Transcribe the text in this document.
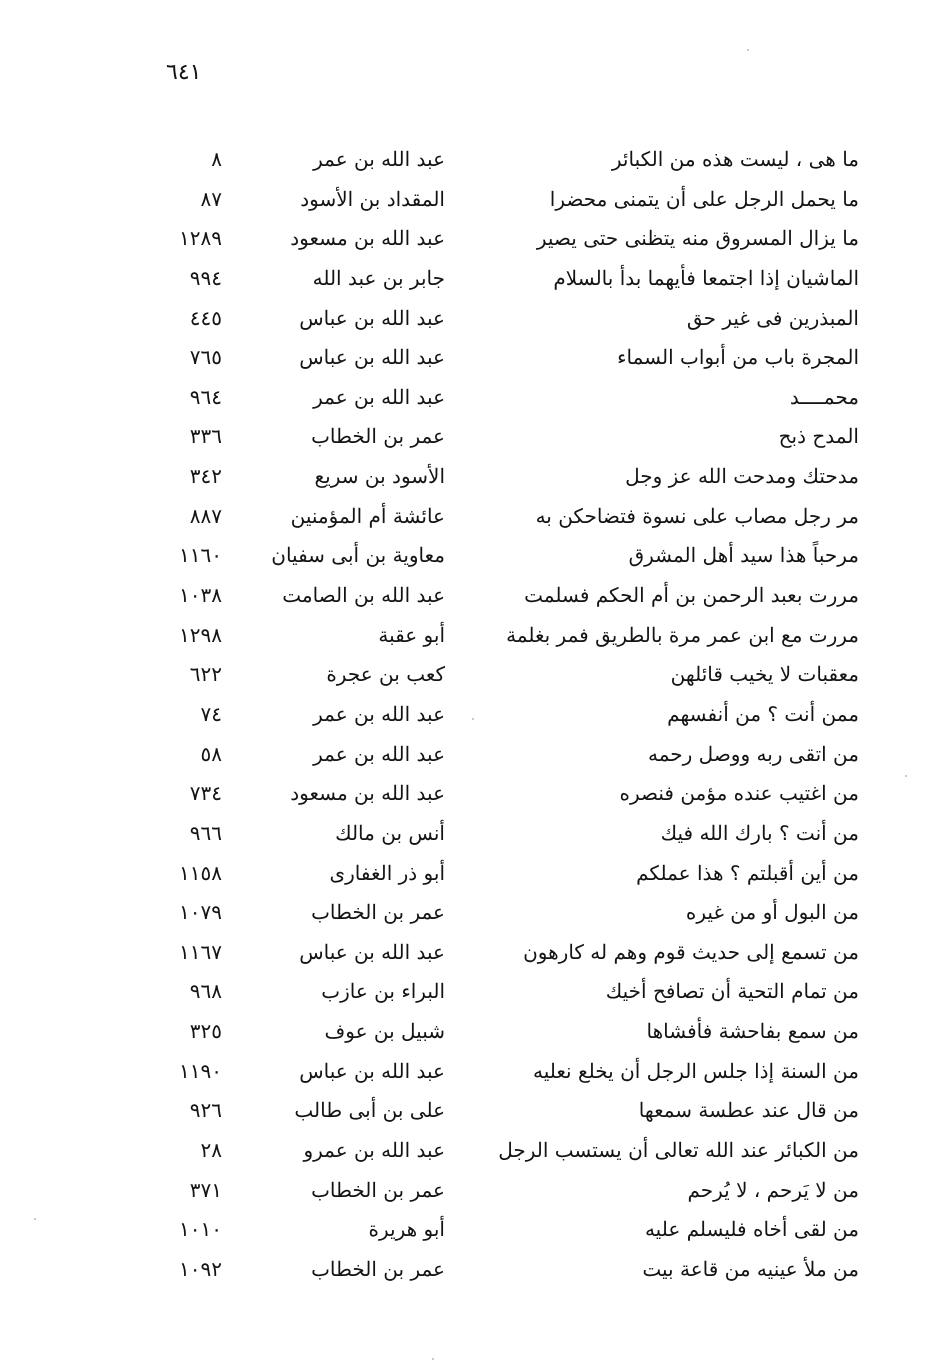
٦٤١
ما هى ، ليست هذه من الكبائر
عبد الله بن عمر
٨
ما يحمل الرجل على أن يتمنى محضرا
المقداد بن الأسود
٨٧
ما يزال المسروق منه يتظنى حتى يصير
عبد الله بن مسعود
١٢٨٩
الماشيان إذا اجتمعا فأيهما بدأ بالسلام
جابر بن عبد الله
٩٩٤
المبذرين فى غير حق
عبد الله بن عباس
٤٤٥
المجرة باب من أبواب السماء
عبد الله بن عباس
٧٦٥
محمــــد
عبد الله بن عمر
٩٦٤
المدح ذبح
عمر بن الخطاب
٣٣٦
مدحتك ومدحت الله عز وجل
الأسود بن سريع
٣٤٢
مر رجل مصاب على نسوة فتضاحكن به
عائشة أم المؤمنين
٨٨٧
مرحباً هذا سيد أهل المشرق
معاوية بن أبى سفيان
١١٦٠
مررت بعبد الرحمن بن أم الحكم فسلمت
عبد الله بن الصامت
١٠٣٨
مررت مع ابن عمر مرة بالطريق فمر بغلمة
أبو عقبة
١٢٩٨
معقبات لا يخيب قائلهن
كعب بن عجرة
٦٢٢
ممن أنت ؟ من أنفسهم
عبد الله بن عمر
٧٤
من اتقى ربه ووصل رحمه
عبد الله بن عمر
٥٨
من اغتيب عنده مؤمن فنصره
عبد الله بن مسعود
٧٣٤
من أنت ؟ بارك الله فيك
أنس بن مالك
٩٦٦
من أين أقبلتم ؟ هذا عملكم
أبو ذر الغفارى
١١٥٨
من البول أو من غيره
عمر بن الخطاب
١٠٧٩
من تسمع إلى حديث قوم وهم له كارهون
عبد الله بن عباس
١١٦٧
من تمام التحية أن تصافح أخيك
البراء بن عازب
٩٦٨
من سمع بفاحشة فأفشاها
شبيل بن عوف
٣٢٥
من السنة إذا جلس الرجل أن يخلع نعليه
عبد الله بن عباس
١١٩٠
من قال عند عطسة سمعها
على بن أبى طالب
٩٢٦
من الكبائر عند الله تعالى أن يستسب الرجل
عبد الله بن عمرو
٢٨
من لا يَرحم ، لا يُرحم
عمر بن الخطاب
٣٧١
من لقى أخاه فليسلم عليه
أبو هريرة
١٠١٠
من ملأ عينيه من قاعة بيت
عمر بن الخطاب
١٠٩٢
